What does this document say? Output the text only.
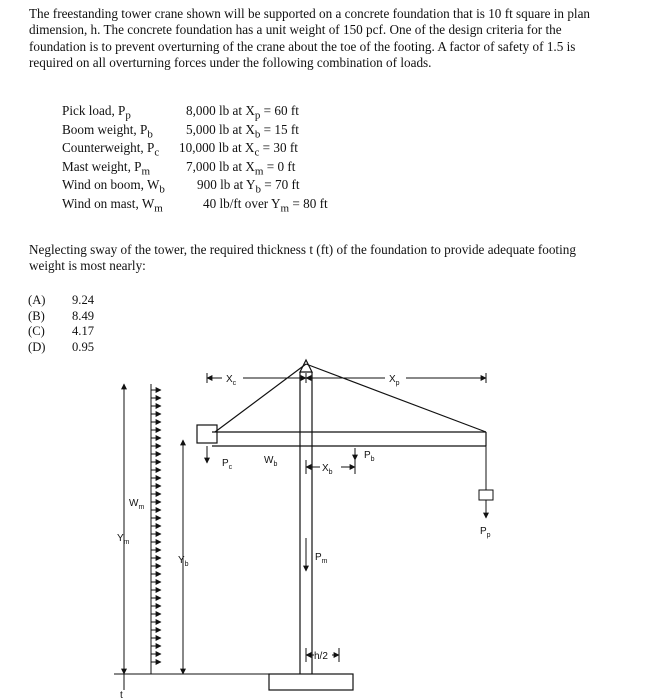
The freestanding tower crane shown will be supported on a concrete foundation that is 10 ft square in plan dimension, h. The concrete foundation has a unit weight of 150 pcf. One of the design criteria for the foundation is to prevent overturning of the crane about the toe of the footing. A factor of safety of 1.5 is required on all overturning forces under the following combination of loads.

Pick load, $P_p$	8,000 lb at $X_p = 60$ ft
Boom weight, $P_b$	5,000 lb at $X_b = 15$ ft
Counterweight, $P_c$ 10,000 lb at $X_c = 30$ ft
Mast weight, $P_m$	7,000 lb at $X_m = 0$ ft
Wind on boom, $W_b$ 900 lb at $Y_b = 70$ ft
Wind on mast, $W_m$	40 lb/ft over $Y_m = 80$ ft

Neglecting sway of the tower, the required thickness t (ft) of the foundation to provide adequate footing weight is most nearly:

(A) 9.24
(B) 8.49
(C) 4.17
(D) 0.95
$Y_m$
$Y_b$
$W_m$
t
$X_c$	$X_p$
$P_c$
$W_b$	$X_b$
$P_b$
$P_m$
$P_p$
h/2
